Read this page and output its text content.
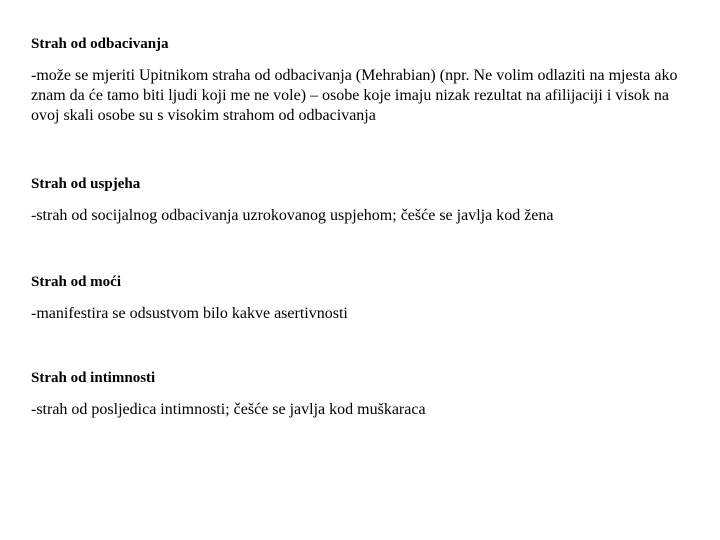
Strah od odbacivanja

-može se mjeriti Upitnikom straha od odbacivanja (Mehrabian) (npr. Ne volim odlaziti na mjesta ako znam da će tamo biti ljudi koji me ne vole) – osobe koje imaju nizak rezultat na afilijaciji i visok na ovoj skali osobe su s visokim strahom od odbacivanja

Strah od uspjeha

-strah od socijalnog odbacivanja uzrokovanog uspjehom; češće se javlja kod žena

Strah od moći

-manifestira se odsustvom bilo kakve asertivnosti

Strah od intimnosti

-strah od posljedica intimnosti; češće se javlja kod muškaraca
